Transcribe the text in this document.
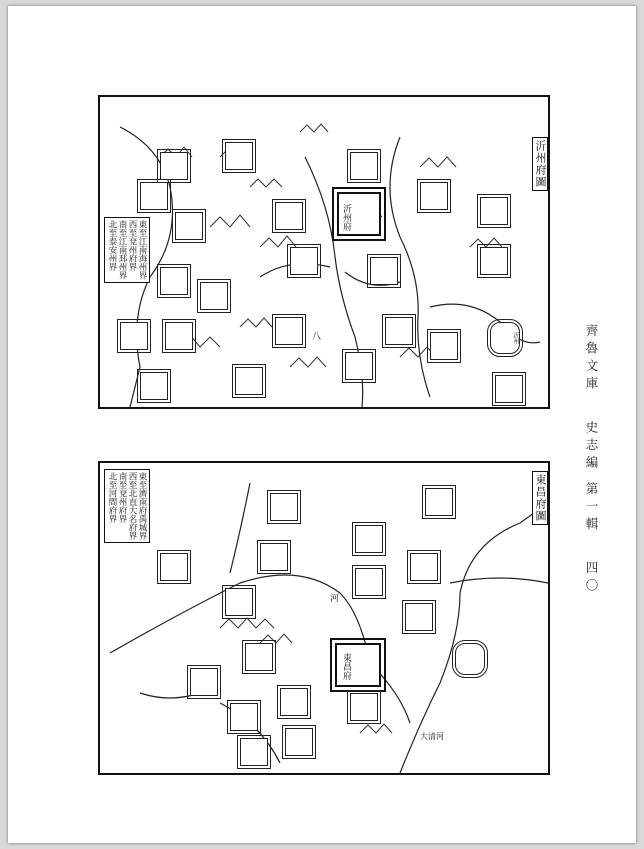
沂州
八
沂州府
沂州府圖
東至江南海州界
西至兗州府界
南至江南邳州界
北至泰安州界
河
大清河
東昌府
東昌府圖
東至濟南府禹城界
西至北直大名府界
南至兗州府界
北至河間府界
齊魯文庫　 史志編 第一輯　 四〇
